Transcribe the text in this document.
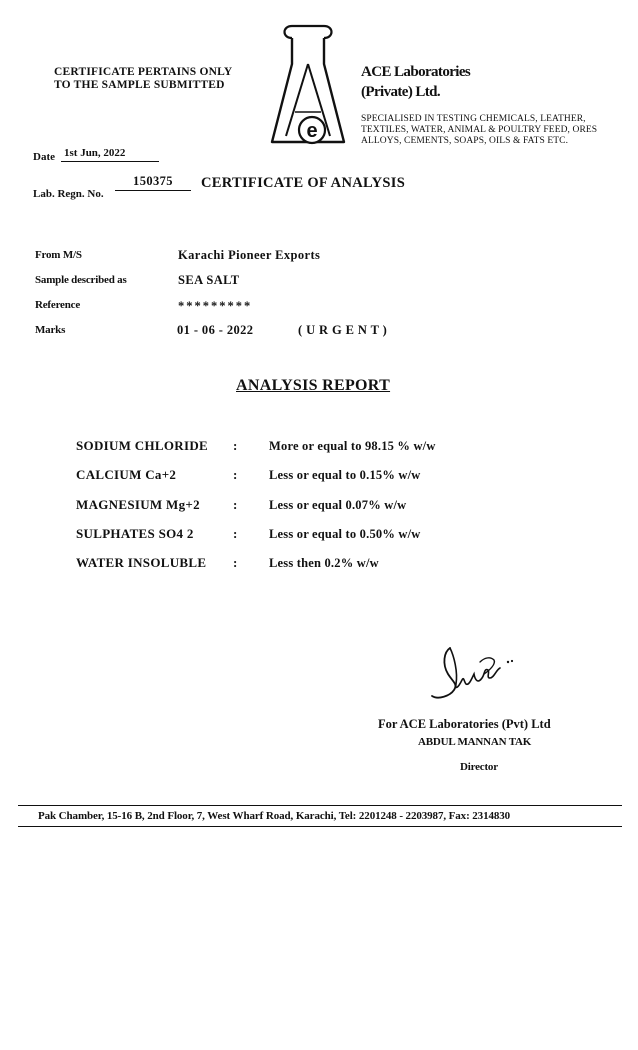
CERTIFICATE PERTAINS ONLY
TO THE SAMPLE SUBMITTED
e
ACE Laboratories
(Private) Ltd.
SPECIALISED IN TESTING CHEMICALS, LEATHER,
TEXTILES, WATER, ANIMAL & POULTRY FEED, ORES
ALLOYS, CEMENTS, SOAPS, OILS & FATS ETC.
Date 1st Jun, 2022
150375
Lab. Regn. No.
CERTIFICATE OF ANALYSIS
From M/S	Karachi Pioneer Exports
Sample described as	SEA SALT
Reference	*********
Marks	01 - 06 - 2022	( U R G E N T )
ANALYSIS REPORT
SODIUM CHLORIDE :	More or equal to 98.15 % w/w
CALCIUM Ca+2	:	Less or equal to 0.15% w/w
MAGNESIUM Mg+2	:	Less or equal 0.07% w/w
SULPHATES SO4 2	:	Less or equal to 0.50% w/w
WATER INSOLUBLE :	Less then 0.2% w/w
For ACE Laboratories (Pvt) Ltd
ABDUL MANNAN TAK
Director
Pak Chamber, 15-16 B, 2nd Floor, 7, West Wharf Road, Karachi, Tel: 2201248 - 2203987, Fax: 2314830
